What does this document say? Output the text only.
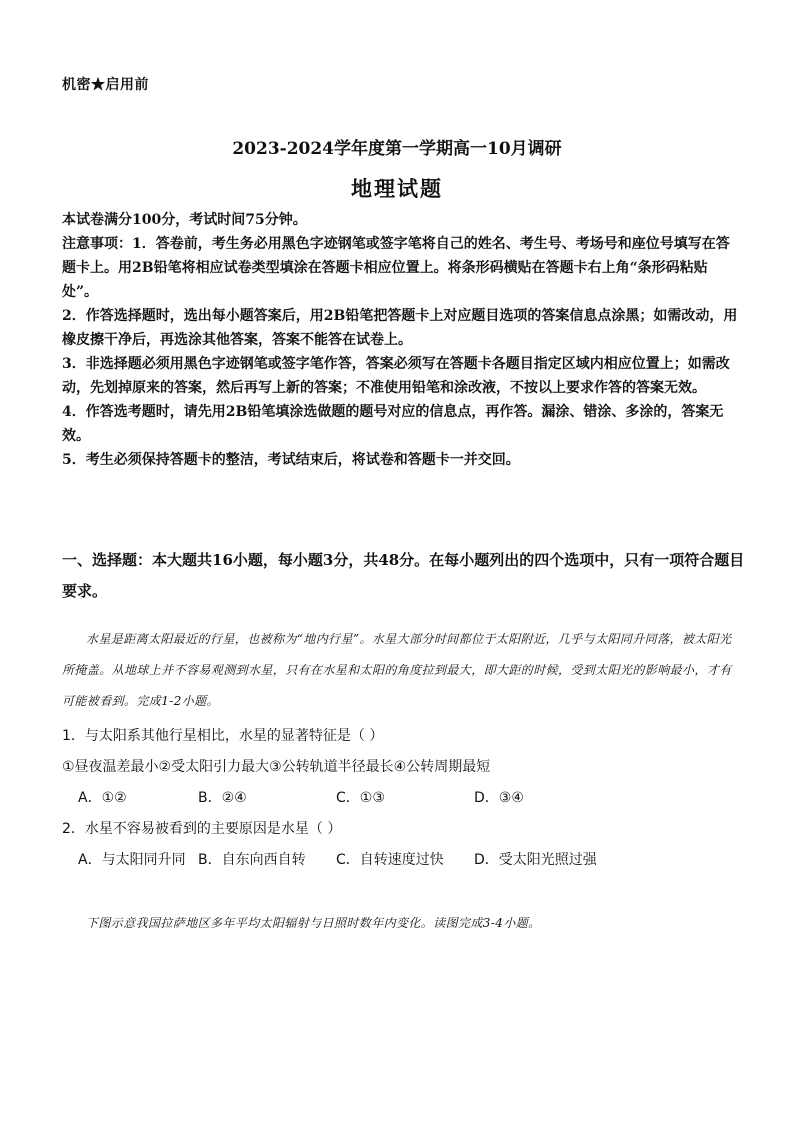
机密★启用前
2023-2024学年度第一学期高一10月调研
地理试题

本试卷满分100分，考试时间75分钟。

注意事项：1．答卷前，考生务必用黑色字迹钢笔或签字笔将自己的姓名、考生号、考场号和座位号填写在答题卡上。用2B铅笔将相应试卷类型填涂在答题卡相应位置上。将条形码横贴在答题卡右上角“条形码粘贴处”。

2．作答选择题时，选出每小题答案后，用2B铅笔把答题卡上对应题目选项的答案信息点涂黑；如需改动，用橡皮擦干净后，再选涂其他答案，答案不能答在试卷上。

3．非选择题必须用黑色字迹钢笔或签字笔作答，答案必须写在答题卡各题目指定区域内相应位置上；如需改动，先划掉原来的答案，然后再写上新的答案；不准使用铅笔和涂改液，不按以上要求作答的答案无效。

4．作答选考题时，请先用2B铅笔填涂选做题的题号对应的信息点，再作答。漏涂、错涂、多涂的，答案无效。

5．考生必须保持答题卡的整洁，考试结束后，将试卷和答题卡一并交回。

一、选择题：本大题共16小题，每小题3分，共48分。在每小题列出的四个选项中，只有一项符合题目要求。
水星是距离太阳最近的行星，也被称为“地内行星”。水星大部分时间都位于太阳附近，几乎与太阳同升同落，被太阳光所掩盖。从地球上并不容易观测到水星，只有在水星和太阳的角度拉到最大，即大距的时候，受到太阳光的影响最小，才有可能被看到。完成1-2小题。
1．与太阳系其他行星相比，水星的显著特征是（ ）
①昼夜温差最小②受太阳引力最大③公转轨道半径最长④公转周期最短
A．①②	B．②④	C．①③	D．③④
2．水星不容易被看到的主要原因是水星（ ）
A．与太阳同升同 B．自东向西自转	C．自转速度过快	D．受太阳光照过强
下图示意我国拉萨地区多年平均太阳辐射与日照时数年内变化。读图完成3-4小题。
